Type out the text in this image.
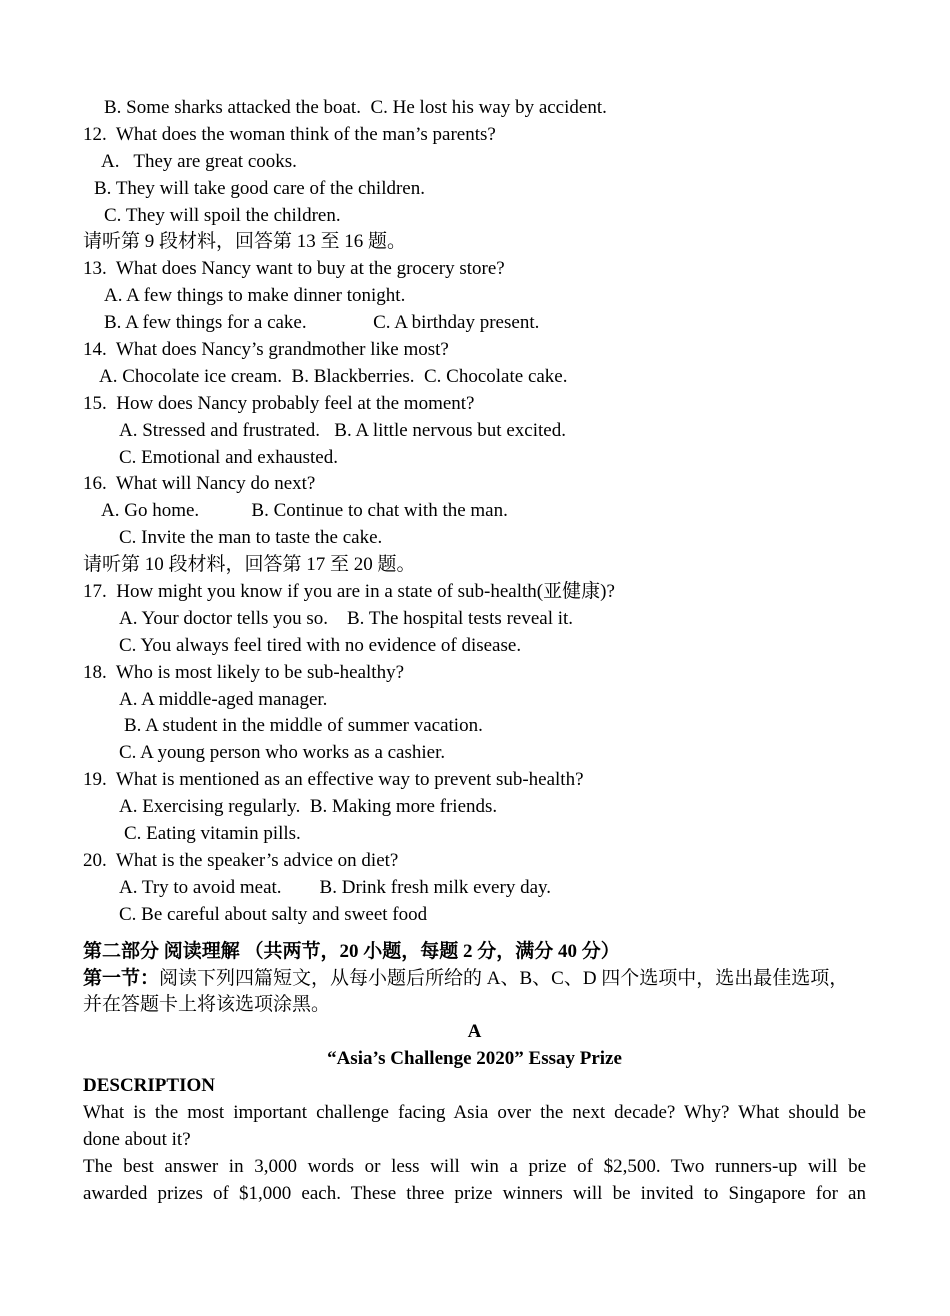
B. Some sharks attacked the boat.  C. He lost his way by accident.
12.  What does the woman think of the man’s parents?
A.   They are great cooks.
B. They will take good care of the children.
C. They will spoil the children.
请听第 9 段材料，回答第 13 至 16 题。
13.  What does Nancy want to buy at the grocery store?
A. A few things to make dinner tonight.
B. A few things for a cake.              C. A birthday present.
14.  What does Nancy’s grandmother like most?
A. Chocolate ice cream.  B. Blackberries.  C. Chocolate cake.
15.  How does Nancy probably feel at the moment?
A. Stressed and frustrated.   B. A little nervous but excited.
C. Emotional and exhausted.
16.  What will Nancy do next?
A. Go home.           B. Continue to chat with the man.
C. Invite the man to taste the cake.
请听第 10 段材料，回答第 17 至 20 题。
17.  How might you know if you are in a state of sub-health(亚健康)?
A. Your doctor tells you so.    B. The hospital tests reveal it.
C. You always feel tired with no evidence of disease.
18.  Who is most likely to be sub-healthy?
A. A middle-aged manager.
B. A student in the middle of summer vacation.
C. A young person who works as a cashier.
19.  What is mentioned as an effective way to prevent sub-health?
A. Exercising regularly.  B. Making more friends.
C. Eating vitamin pills.
20.  What is the speaker’s advice on diet?
A. Try to avoid meat.        B. Drink fresh milk every day.
C. Be careful about salty and sweet food
第二部分 阅读理解 （共两节，20 小题，每题 2 分，满分 40 分）
第一节：阅读下列四篇短文，从每小题后所给的 A、B、C、D 四个选项中，选出最佳选项，
并在答题卡上将该选项涂黑。
A
“Asia’s Challenge 2020” Essay Prize
DESCRIPTION
What is the most important challenge facing Asia over the next decade? Why? What should be
done about it?
The best answer in 3,000 words or less will win a prize of $2,500. Two runners-up will be
awarded prizes of $1,000 each. These three prize winners will be invited to Singapore for an
